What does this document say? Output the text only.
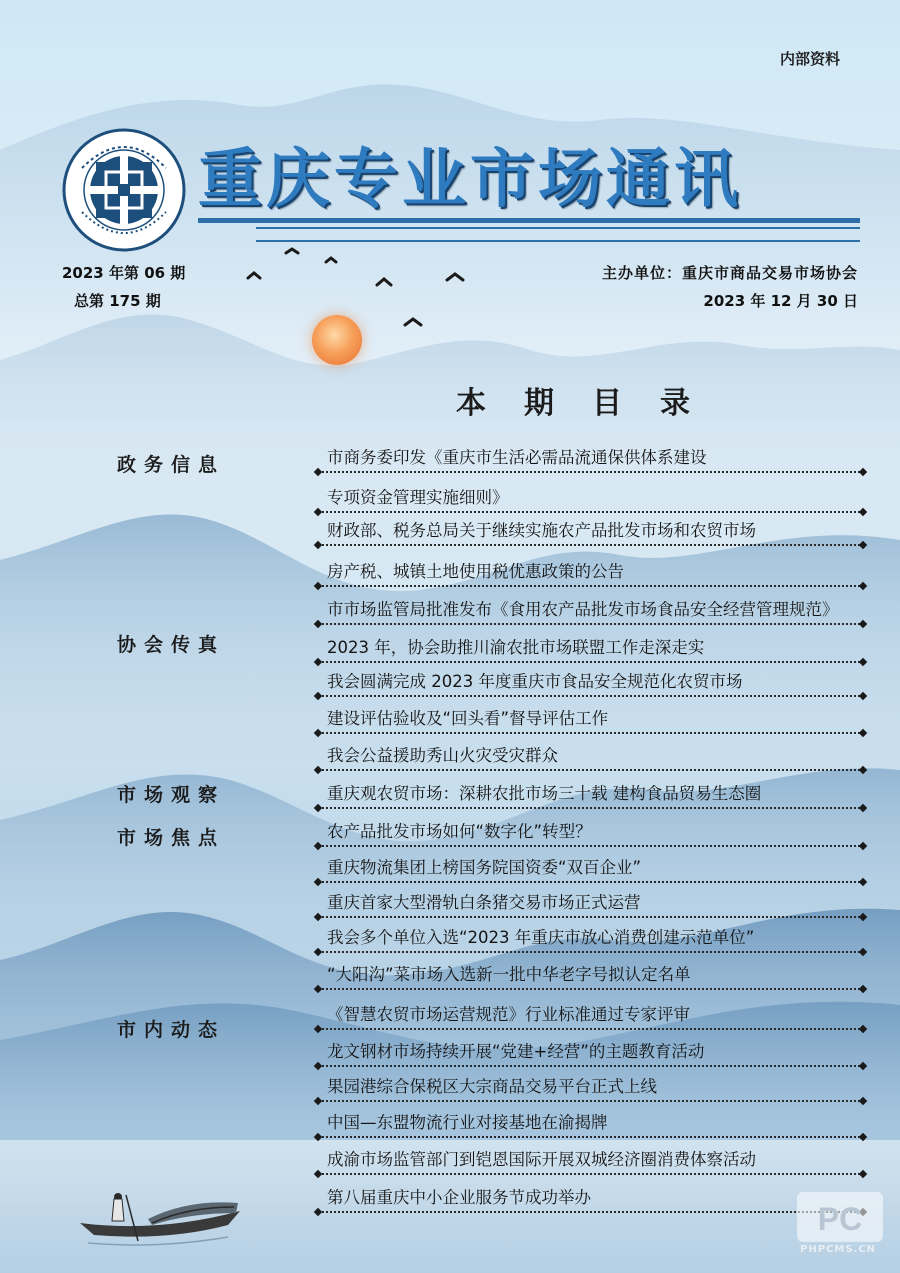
内部资料
重庆专业市场通讯
2023 年第 06 期
总第 175 期
主办单位：重庆市商品交易市场协会
2023 年 12 月 30 日
本期目录
政务信息
协会传真
市场观察
市场焦点
市内动态
市商务委印发《重庆市生活必需品流通保供体系建设
专项资金管理实施细则》
财政部、税务总局关于继续实施农产品批发市场和农贸市场
房产税、城镇土地使用税优惠政策的公告
市市场监管局批准发布《食用农产品批发市场食品安全经营管理规范》
2023 年，协会助推川渝农批市场联盟工作走深走实
我会圆满完成 2023 年度重庆市食品安全规范化农贸市场
建设评估验收及“回头看”督导评估工作
我会公益援助秀山火灾受灾群众
重庆观农贸市场：深耕农批市场三十载 建构食品贸易生态圈
农产品批发市场如何“数字化”转型？
重庆物流集团上榜国务院国资委“双百企业”
重庆首家大型滑轨白条猪交易市场正式运营
我会多个单位入选“2023 年重庆市放心消费创建示范单位”
“大阳沟”菜市场入选新一批中华老字号拟认定名单
《智慧农贸市场运营规范》行业标准通过专家评审
龙文钢材市场持续开展“党建+经营”的主题教育活动
果园港综合保税区大宗商品交易平台正式上线
中国—东盟物流行业对接基地在渝揭牌
成渝市场监管部门到铠恩国际开展双城经济圈消费体察活动
第八届重庆中小企业服务节成功举办
PC
PHPCMS.CN
